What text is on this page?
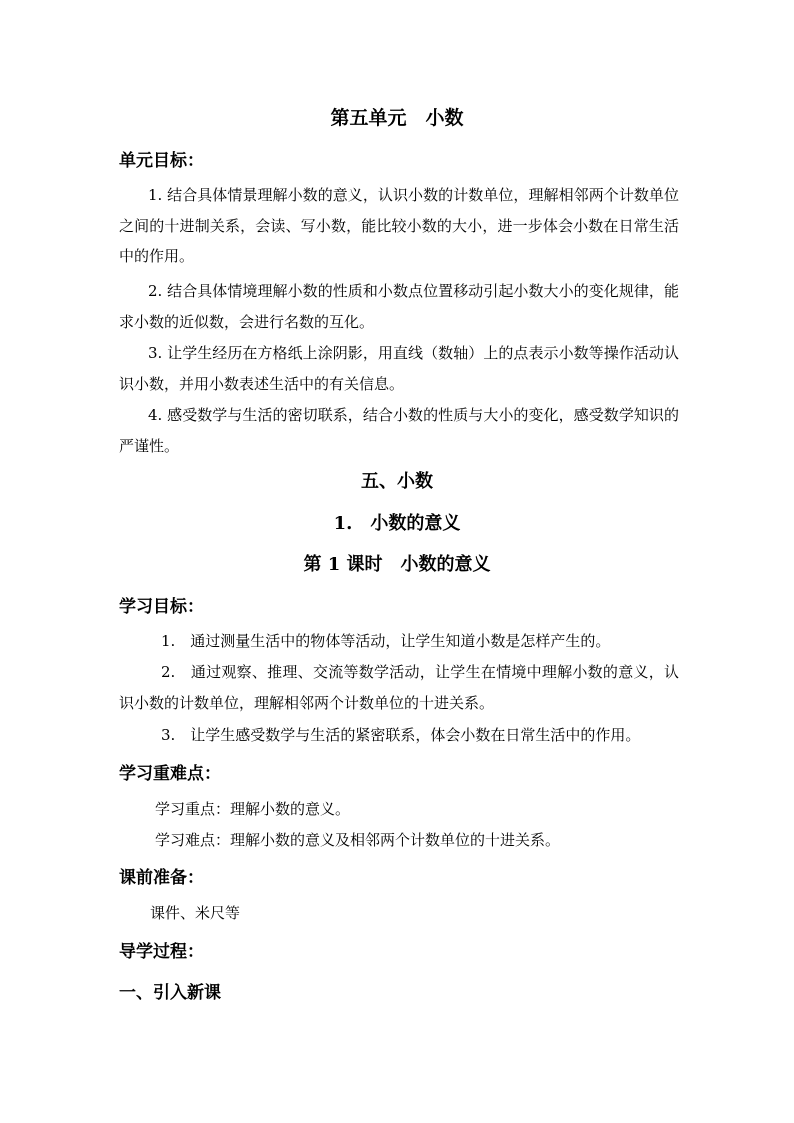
第五单元　小数
单元目标：
1. 结合具体情景理解小数的意义，认识小数的计数单位，理解相邻两个计数单位之间的十进制关系，会读、写小数，能比较小数的大小，进一步体会小数在日常生活中的作用。
2. 结合具体情境理解小数的性质和小数点位置移动引起小数大小的变化规律，能求小数的近似数，会进行名数的互化。
3. 让学生经历在方格纸上涂阴影，用直线（数轴）上的点表示小数等操作活动认识小数，并用小数表述生活中的有关信息。
4. 感受数学与生活的密切联系，结合小数的性质与大小的变化，感受数学知识的严谨性。
五、小数
1.　小数的意义
第 1 课时　小数的意义
学习目标：
1.　通过测量生活中的物体等活动，让学生知道小数是怎样产生的。
2.　通过观察、推理、交流等数学活动，让学生在情境中理解小数的意义，认识小数的计数单位，理解相邻两个计数单位的十进关系。
3.　让学生感受数学与生活的紧密联系，体会小数在日常生活中的作用。
学习重难点：
学习重点：理解小数的意义。
学习难点：理解小数的意义及相邻两个计数单位的十进关系。
课前准备：
课件、米尺等
导学过程：
一、引入新课
